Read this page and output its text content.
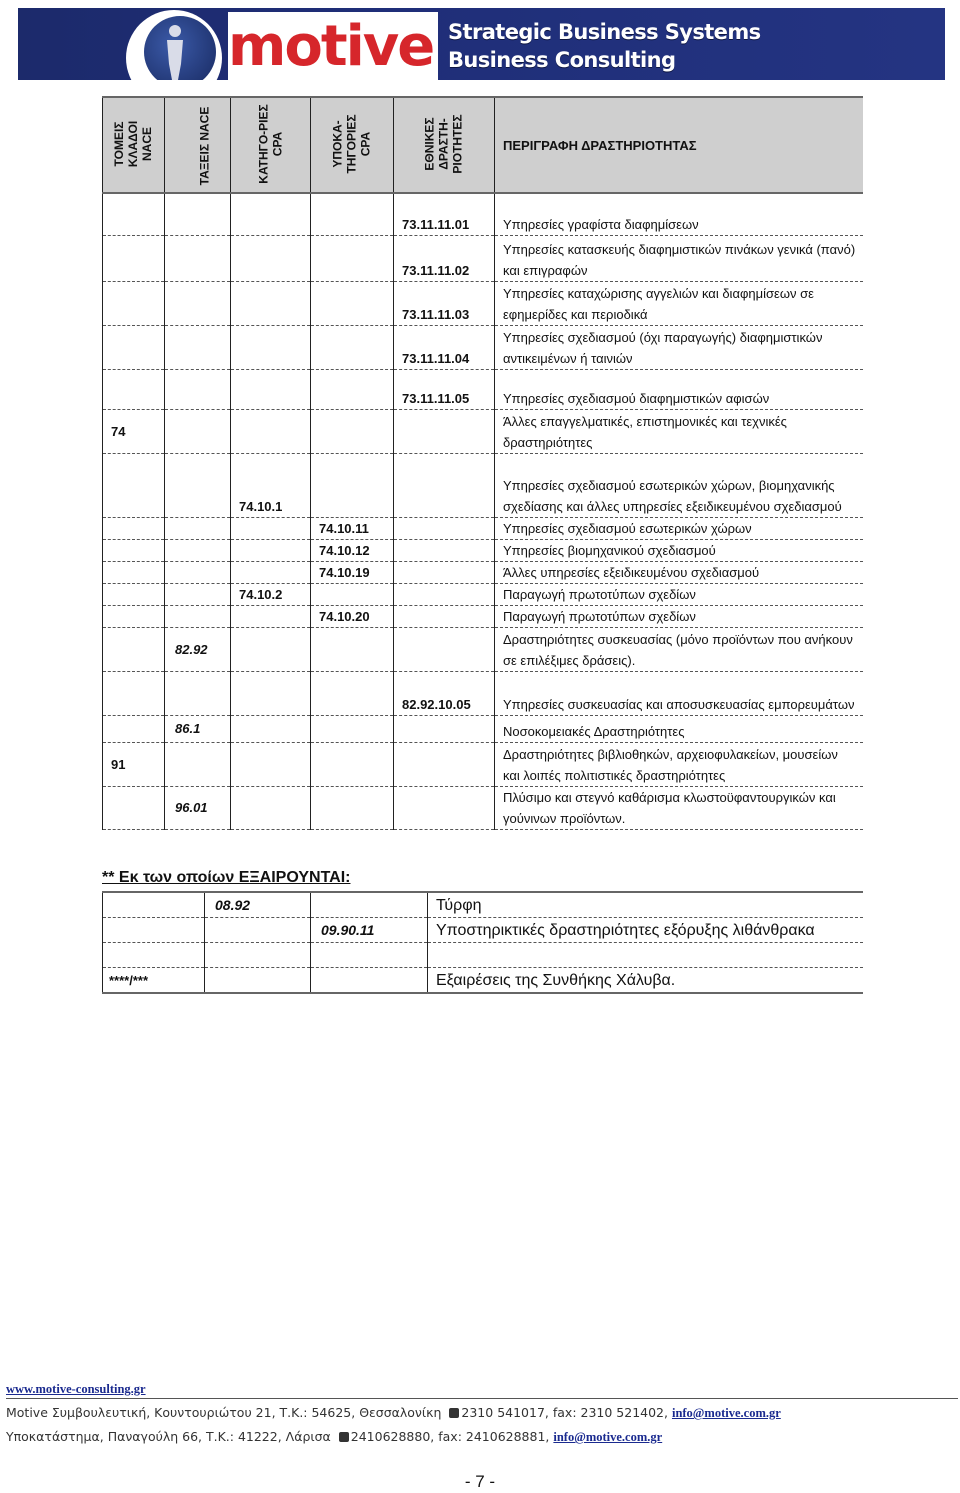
motive Strategic Business Systems
Business Consulting
ΤΟΜΕΙΣ
ΚΛΑΔΟΙ
NACE	ΤΑΞΕΙΣ NACE	ΚΑΤΗΓΟ-ΡΙΕΣ
CPA	ΥΠΟΚΑ-
ΤΗΓΟΡΙΕΣ
CPA	ΕΘΝΙΚΕΣ
ΔΡΑΣΤΗ-
ΡΙΟΤΗΤΕΣ	ΠΕΡΙΓΡΑΦΗ ΔΡΑΣΤΗΡΙΟΤΗΤΑΣ
				73.11.11.01	Υπηρεσίες γραφίστα διαφημίσεων
				73.11.11.02	Υπηρεσίες κατασκευής διαφημιστικών πινάκων γενικά (πανό) και επιγραφών
				73.11.11.03	Υπηρεσίες καταχώρισης αγγελιών και διαφημίσεων σε εφημερίδες και περιοδικά
				73.11.11.04	Υπηρεσίες σχεδιασμού (όχι παραγωγής) διαφημιστικών αντικειμένων ή ταινιών
				73.11.11.05	Υπηρεσίες σχεδιασμού διαφημιστικών αφισών
74					Άλλες επαγγελματικές, επιστημονικές και τεχνικές δραστηριότητες
		74.10.1			Υπηρεσίες σχεδιασμού εσωτερικών χώρων, βιομηχανικής σχεδίασης και άλλες υπηρεσίες εξειδικευμένου σχεδιασμού
			74.10.11		Υπηρεσίες σχεδιασμού εσωτερικών χώρων
			74.10.12		Υπηρεσίες βιομηχανικού σχεδιασμού
			74.10.19		Άλλες υπηρεσίες εξειδικευμένου σχεδιασμού
		74.10.2			Παραγωγή πρωτοτύπων σχεδίων
			74.10.20		Παραγωγή πρωτοτύπων σχεδίων
	82.92				Δραστηριότητες συσκευασίας (μόνο προϊόντων που ανήκουν σε επιλέξιμες δράσεις).
				82.92.10.05	Υπηρεσίες συσκευασίας και αποσυσκευασίας εμπορευμάτων
	86.1				Νοσοκομειακές Δραστηριότητες
91					Δραστηριότητες βιβλιοθηκών, αρχειοφυλακείων, μουσείων και λοιπές πολιτιστικές δραστηριότητες
	96.01				Πλύσιμο και στεγνό καθάρισμα κλωστοϋφαντουργικών και γούνινων προϊόντων.
** Εκ των οποίων ΕΞΑΙΡΟΥΝΤΑΙ:
	08.92		Τύρφη
		09.90.11	Υποστηρικτικές δραστηριότητες εξόρυξης λιθάνθρακα

****/***			Εξαιρέσεις της Συνθήκης Χάλυβα.
www.motive-consulting.gr
Motive Συμβουλευτική, Κουντουριώτου 21, Τ.Κ.: 54625, Θεσσαλονίκη 2310 541017, fax: 2310 521402, info@motive.com.gr
Υποκατάστημα, Παναγούλη 66, Τ.Κ.: 41222, Λάρισα 2410628880, fax: 2410628881, info@motive.com.gr
- 7 -
